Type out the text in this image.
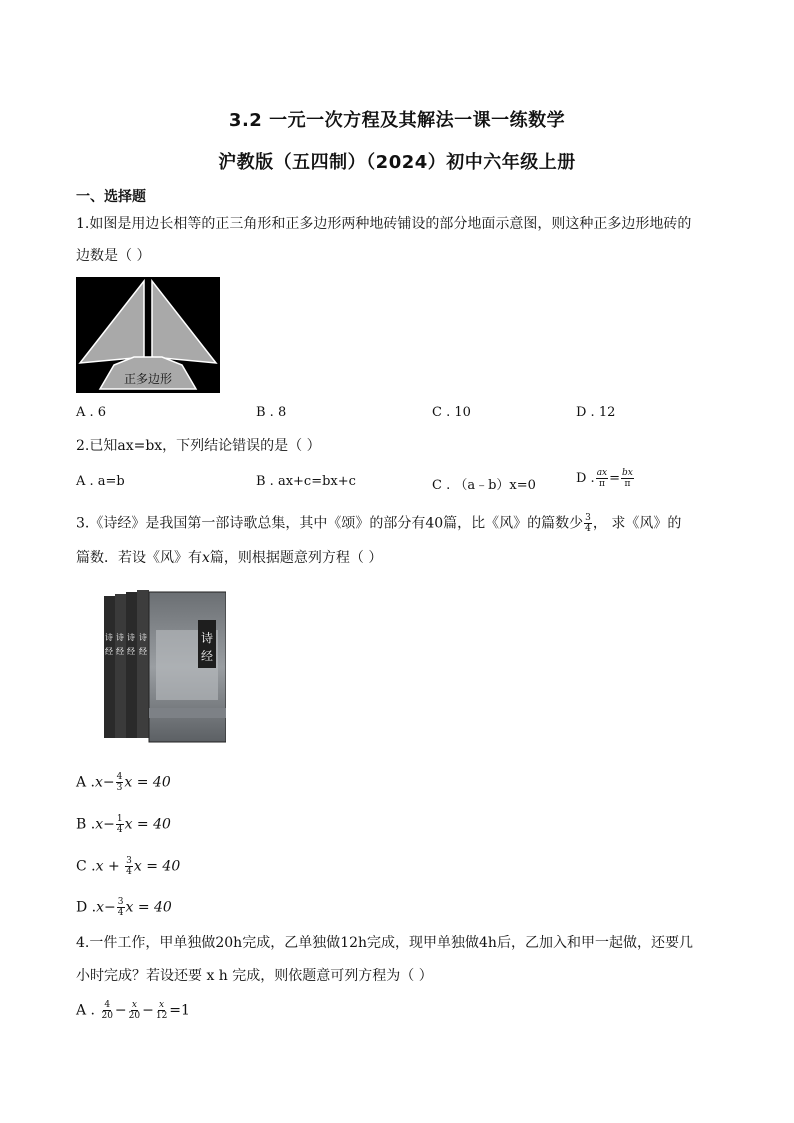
3.2 一元一次方程及其解法一课一练数学
沪教版（五四制）（2024）初中六年级上册
一、选择题
1.如图是用边长相等的正三角形和正多边形两种地砖铺设的部分地面示意图，则这种正多边形地砖的
边数是（ ）
正多边形
A . 6	B . 8	C . 10	D . 12
2.已知ax=bx，下列结论错误的是（ ）
A . a=b	B . ax+c=bx+c	C . （a﹣b）x=0	D . $\frac{ax}{\pi} = \frac{bx}{\pi}$
3.《诗经》是我国第一部诗歌总集，其中《颂》的部分有40篇，比《风》的篇数少 $\frac{3}{4}$ ， 求《风》的
篇数．若设《风》有x篇，则根据题意列方程（ ）
诗
经
诗 诗 诗 诗
经 经 经 经
A $.x- \frac{4}{3}$ x = 40
B $.x- \frac{1}{4}$ x = 40
C $.x + \frac{3}{4}$ x = 40
D $.x- \frac{3}{4}$ x = 40
4.一件工作，甲单独做20h完成，乙单独做12h完成，现甲单独做4h后，乙加入和甲一起做，还要几
小时完成？若设还要 x h 完成，则依题意可列方程为（ ）
A . $\frac{4}{20} - \frac{x}{20} - \frac{x}{12} =1$
